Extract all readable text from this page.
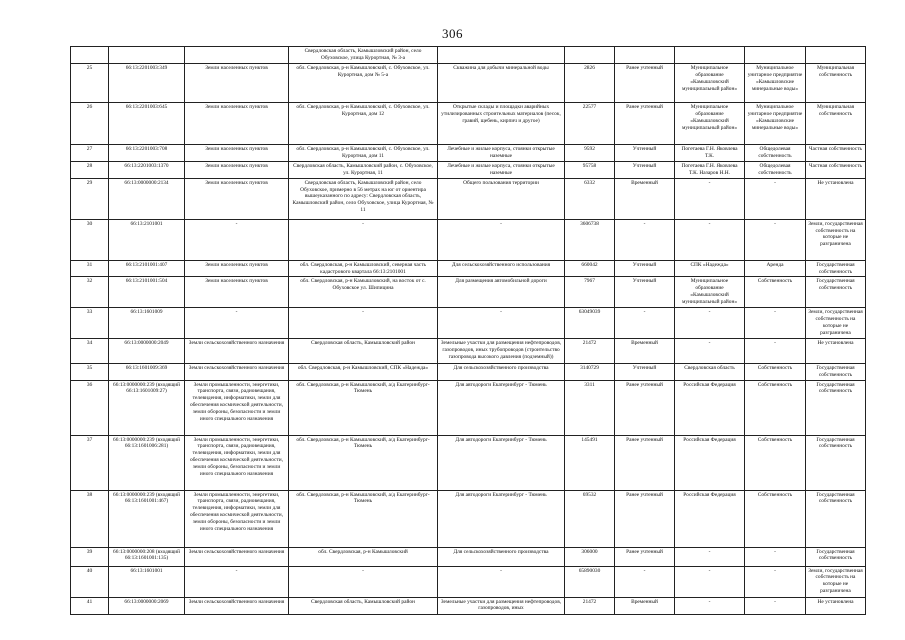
306
			Свердловская область, Камышловский район, село Обуховское, улица Курортная, № 3-а						
25	66:13:2201003:349	Земли населенных пунктов	обл. Свердловская, р-н Камышловский, с. Обуховское, ул. Курортная, дом № 5-а	Скважина для добычи минеральной воды	2826	Ранее учтенный	Муниципальное образование «Камышловский муниципальный район»	Муниципальное унитарное предприятие «Камышловские минеральные воды»	Муниципальная собственность
26	66:13:2201003:645	Земли населенных пунктов	обл. Свердловская, р-н Камышловский, с. Обуховское, ул. Курортная, дом 12	Открытые склады и площадки аварийных утилизированных строительных материалов (песок, гравий, щебень, кирпич и другое)	22577	Ранее учтенный	Муниципальное образование «Камышловский муниципальный район»	Муниципальное унитарное предприятие «Камышловские минеральные воды»	Муниципальная собственность
27	66:13:2201003:708	Земли населенных пунктов	обл. Свердловская, р-н Камышловский, с. Обуховское, ул. Курортная, дом 11	Лечебные и жилые корпуса, стоянки открытые наземные	9592	Учтенный	Погетаева Г.Н. Яковлева Т.К.	Общедолевая собственность	Частная собственность
28	66:13:2201003:1370	Земли населенных пунктов	Свердловская область, Камышловский район, с. Обуховское, ул. Курортная, 11	Лечебные и жилые корпуса, стоянки открытые наземные	95758	Учтенный	Погетаева Г.Н. Яковлева Т.К. Назаров Н.Н.	Общедолевая собственность	Частная собственность
29	66:13:0000000:2134	Земли населенных пунктов	Свердловская область, Камышловский район, село Обуховское, примерно в 56 метрах на юг от ориентира вышеуказанного по адресу: Свердловская область, Камышловский район, село Обуховское, улица Курортная, № 11	Общего пользования территории	6332	Временный	-	-	Не установлена
30	66:13:2101001	-	-	-	3606738	-	-	-	Земли, государственная собственность на которые не разграничена
31	66:13:2101001:407	Земли населенных пунктов	обл. Свердловская, р-н Камышловский, северная часть кадастрового квартала 66:13:2101001	Для сельскохозяйственного использования	660042	Учтенный	СПК «Надежда»	Аренда	Государственная собственность
32	66:13:2101001:504	Земли населенных пунктов	обл. Свердловская, р-н Камышловский, на восток от с. Обуховское ул. Шипицина	Для размещения автомобильной дороги	7967	Учтенный	Муниципальное образование «Камышловский муниципальный район»	Собственность	Государственная собственность
33	66:13:1601009	-	-	-	63049039	-	-	-	Земли, государственная собственность на которые не разграничена
34	66:13:0000000:2049	Земли сельскохозяйственного назначения	Свердловская область, Камышловский район	Земельные участки для размещения нефтепроводов, газопроводов, иных трубопроводов (строительство газопровода высокого давления (подземный))	21472	Временный	-	-	Не установлена
35	66:13:1601009:369	Земли сельскохозяйственного назначения	обл. Свердловская, р-н Камышловский, СПК «Надежда»	Для сельскохозяйственного производства	3140729	Учтенный	Свердловская область	Собственность	Государственная собственность
36	66:13:0000000:239 (входящий 66:13:1601009:27)	Земли промышленности, энергетики, транспорта, связи, радиовещания, телевидения, информатики, земли для обеспечения космической деятельности, земли обороны, безопасности и земли иного специального назначения	обл. Свердловская, р-н Камышловский, а/д Екатеринбург-Тюмень	Для автодороги Екатеринбург - Тюмень	3311	Ранее учтенный	Российская Федерация	Собственность	Государственная собственность
37	66:13:0000000:239 (входящий 66:13:1601006:281)	Земли промышленности, энергетики, транспорта, связи, радиовещания, телевидения, информатики, земли для обеспечения космической деятельности, земли обороны, безопасности и земли иного специального назначения	обл. Свердловская, р-н Камышловский, а/д Екатеринбург-Тюмень	Для автодороги Екатеринбург - Тюмень	145491	Ранее учтенный	Российская Федерация	Собственность	Государственная собственность
38	66:13:0000000:239 (входящий 66:13:1601001:467)	Земли промышленности, энергетики, транспорта, связи, радиовещания, телевидения, информатики, земли для обеспечения космической деятельности, земли обороны, безопасности и земли иного специального назначения	обл. Свердловская, р-н Камышловский, а/д Екатеринбург-Тюмень	Для автодороги Екатеринбург - Тюмень	69532	Ранее учтенный	Российская Федерация	Собственность	Государственная собственность
39	66:13:0000000:208 (входящий 66:13:1601001:135)	Земли сельскохозяйственного назначения	обл. Свердловская, р-н Камышловский	Для сельскохозяйственного производства	306000	Ранее учтенный	-	-	Государственная собственность
40	66:13:1601001	-	-	-	65890030	-	-	-	Земли, государственная собственность на которые не разграничена
41	66:13:0000000:2069	Земли сельскохозяйственного назначения	Свердловская область, Камышловский район	Земельные участки для размещения нефтепроводов, газопроводов, иных	21472	Временный	-	-	Не установлена
